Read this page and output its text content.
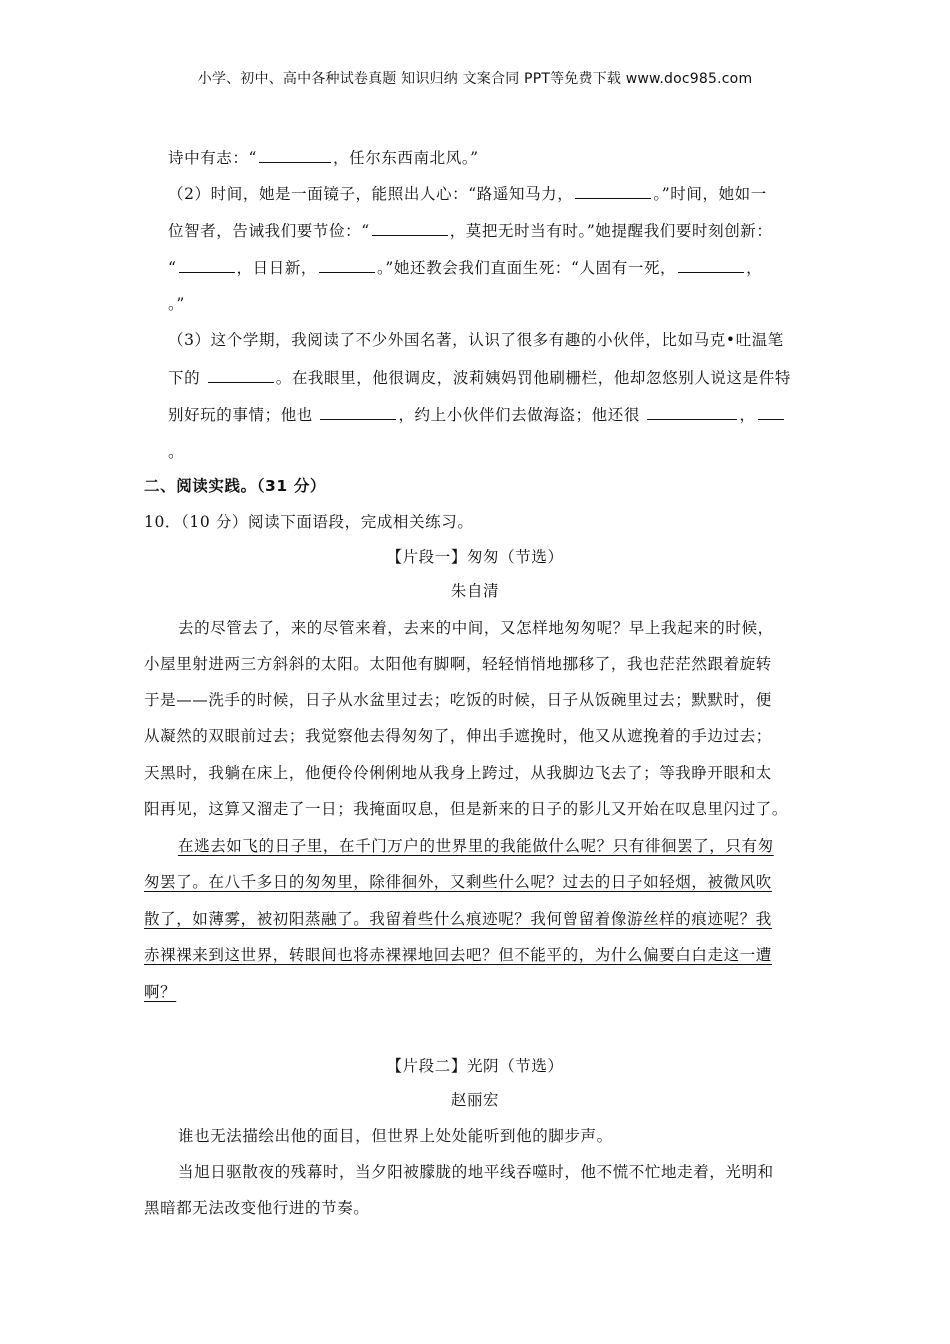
小学、初中、高中各种试卷真题 知识归纳 文案合同 PPT等免费下载 www.doc985.com
诗中有志：“	，任尔东西南北风。”
（2）时间，她是一面镜子，能照出人心：“路遥知马力，	。”时间，她如一
位智者，告诫我们要节俭：“	，莫把无时当有时。”她提醒我们要时刻创新：
“	，日日新，	。”她还教会我们直面生死：“人固有一死，	，
。”
（3）这个学期，我阅读了不少外国名著，认识了很多有趣的小伙伴，比如马克•吐温笔
下的	。在我眼里，他很调皮，波莉姨妈罚他刷栅栏，他却忽悠别人说这是件特
别好玩的事情；他也	，约上小伙伴们去做海盗；他还很	，
。
二、阅读实践。（31 分）
10．（10 分）阅读下面语段，完成相关练习。
【片段一】匆匆（节选）
朱自清
去的尽管去了，来的尽管来着，去来的中间，又怎样地匆匆呢？早上我起来的时候，
小屋里射进两三方斜斜的太阳。太阳他有脚啊，轻轻悄悄地挪移了，我也茫茫然跟着旋转
于是——洗手的时候，日子从水盆里过去；吃饭的时候，日子从饭碗里过去；默默时，便
从凝然的双眼前过去；我觉察他去得匆匆了，伸出手遮挽时，他又从遮挽着的手边过去；
天黑时，我躺在床上，他便伶伶俐俐地从我身上跨过，从我脚边飞去了；等我睁开眼和太
阳再见，这算又溜走了一日；我掩面叹息，但是新来的日子的影儿又开始在叹息里闪过了。
在逃去如飞的日子里，在千门万户的世界里的我能做什么呢？只有徘徊罢了，只有匆
匆罢了。在八千多日的匆匆里，除徘徊外，又剩些什么呢？过去的日子如轻烟，被微风吹
散了，如薄雾，被初阳蒸融了。我留着些什么痕迹呢？我何曾留着像游丝样的痕迹呢？我
赤裸裸来到这世界，转眼间也将赤裸裸地回去吧？但不能平的，为什么偏要白白走这一遭
啊？
【片段二】光阴（节选）
赵丽宏
谁也无法描绘出他的面目，但世界上处处能听到他的脚步声。
当旭日驱散夜的残幕时，当夕阳被朦胧的地平线吞噬时，他不慌不忙地走着，光明和
黑暗都无法改变他行进的节奏。
